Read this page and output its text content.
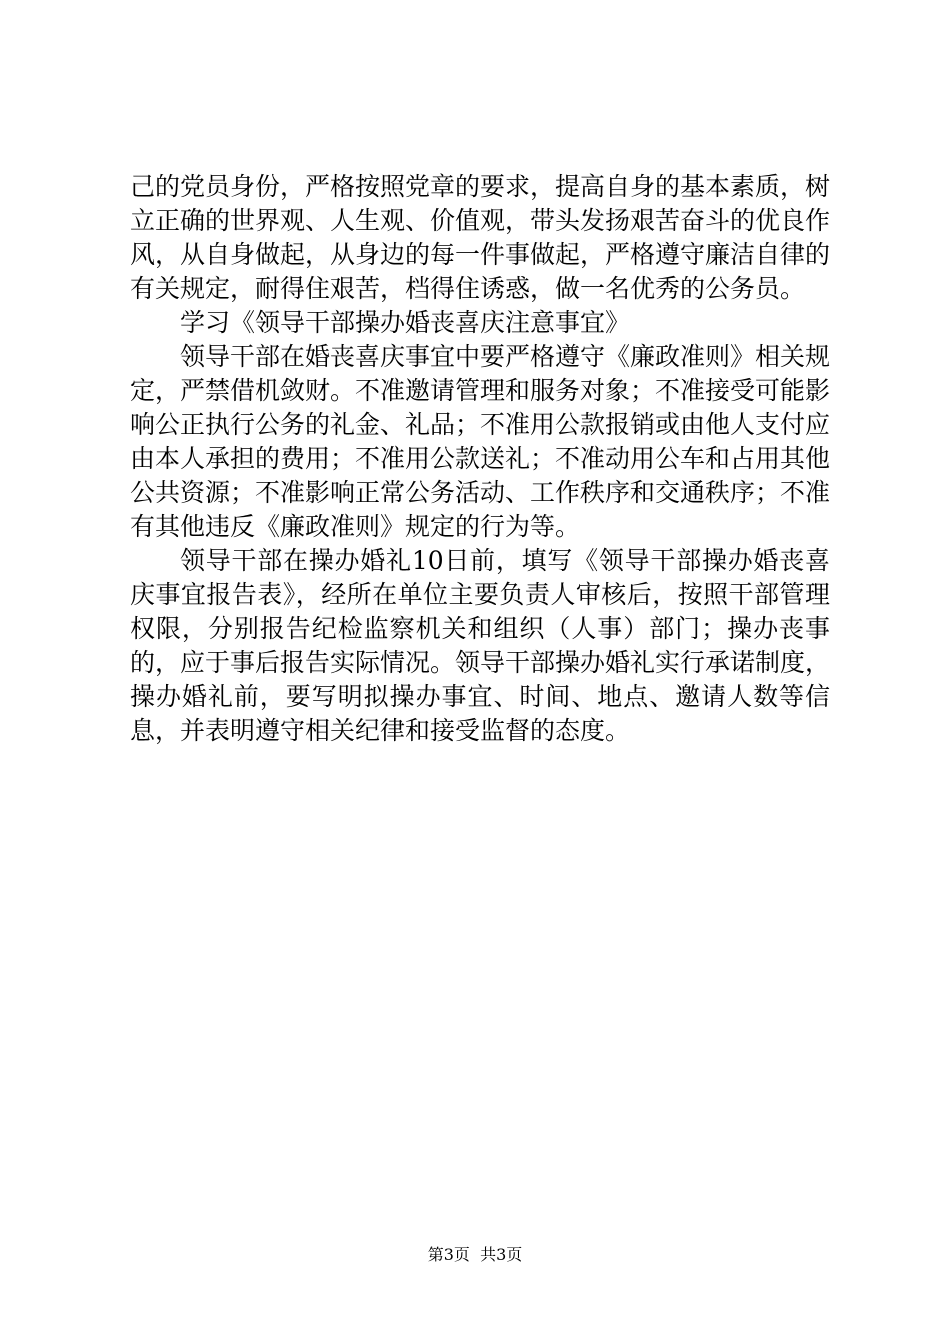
己的党员身份，严格按照党章的要求，提高自身的基本素质，树立正确的世界观、人生观、价值观，带头发扬艰苦奋斗的优良作风，从自身做起，从身边的每一件事做起，严格遵守廉洁自律的有关规定，耐得住艰苦，档得住诱惑，做一名优秀的公务员。

学习《领导干部操办婚丧喜庆注意事宜》

领导干部在婚丧喜庆事宜中要严格遵守《廉政准则》相关规定，严禁借机敛财。不准邀请管理和服务对象；不准接受可能影响公正执行公务的礼金、礼品；不准用公款报销或由他人支付应由本人承担的费用；不准用公款送礼；不准动用公车和占用其他公共资源；不准影响正常公务活动、工作秩序和交通秩序；不准有其他违反《廉政准则》规定的行为等。

领导干部在操办婚礼10日前，填写《领导干部操办婚丧喜庆事宜报告表》，经所在单位主要负责人审核后，按照干部管理权限，分别报告纪检监察机关和组织（人事）部门；操办丧事的，应于事后报告实际情况。领导干部操办婚礼实行承诺制度，操办婚礼前，要写明拟操办事宜、时间、地点、邀请人数等信息，并表明遵守相关纪律和接受监督的态度。

第3页  共3页
